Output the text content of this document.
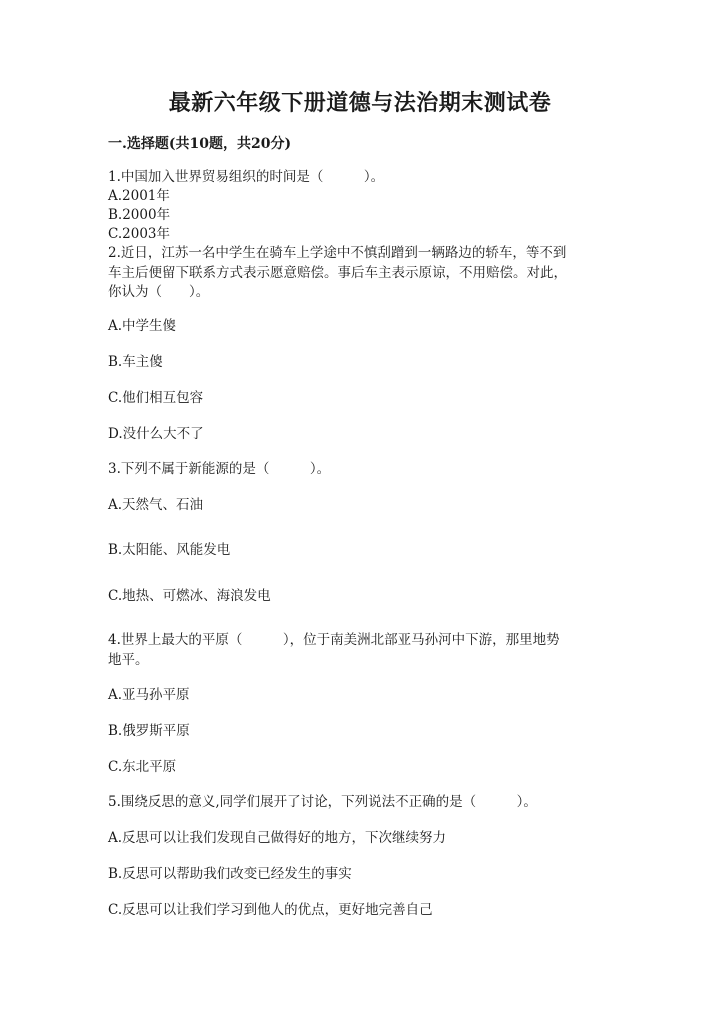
最新六年级下册道德与法治期末测试卷
一.选择题(共10题，共20分)
1.中国加入世界贸易组织的时间是（　　　）。
A.2001年
B.2000年
C.2003年
2.近日，江苏一名中学生在骑车上学途中不慎刮蹭到一辆路边的轿车，等不到
车主后便留下联系方式表示愿意赔偿。事后车主表示原谅，不用赔偿。对此，
你认为（　　）。
A.中学生傻
B.车主傻
C.他们相互包容
D.没什么大不了
3.下列不属于新能源的是（　　　）。
A.天然气、石油
B.太阳能、风能发电
C.地热、可燃冰、海浪发电
4.世界上最大的平原（　　　），位于南美洲北部亚马孙河中下游，那里地势
地平。
A.亚马孙平原
B.俄罗斯平原
C.东北平原
5.围绕反思的意义,同学们展开了讨论，下列说法不正确的是（　　　）。
A.反思可以让我们发现自己做得好的地方，下次继续努力
B.反思可以帮助我们改变已经发生的事实
C.反思可以让我们学习到他人的优点，更好地完善自己
